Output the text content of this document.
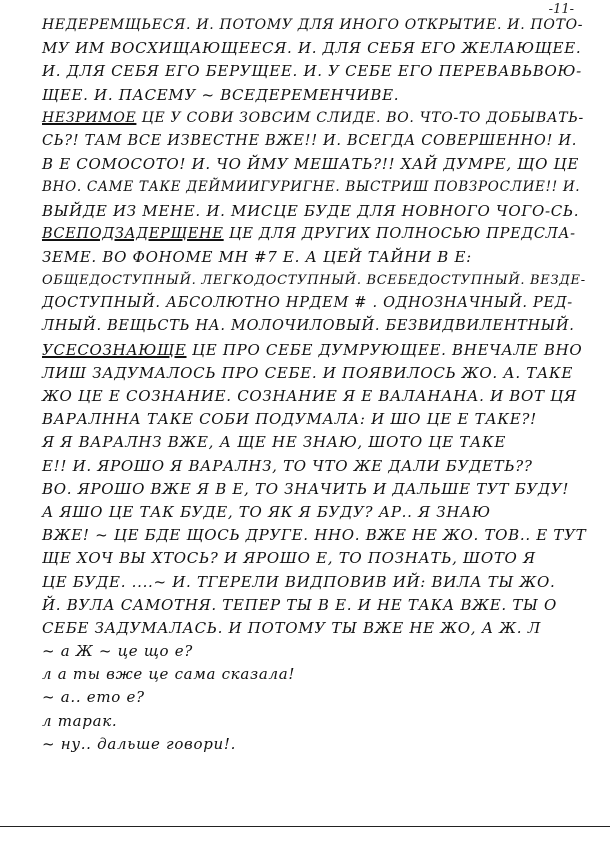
-11-
НЕДЕРЕМЩЬЕСЯ. И. ПОТОМУ ДЛЯ ИНОГО ОТКРЫТИЕ. И. ПОТО-
МУ ИМ ВОСХИЩАЮЩЕЕСЯ. И. ДЛЯ СЕБЯ ЕГО ЖЕЛАЮЩЕЕ.
И. ДЛЯ СЕБЯ ЕГО БЕРУЩЕЕ. И. У СЕБЕ ЕГО ПЕРЕВАВЬВОЮ-
ЩЕЕ. И. ПАСЕМУ ~ ВСЕДЕРЕМЕНЧИВЕ.
НЕЗРИМОЕ ЦЕ У СОВИ ЗОВСИМ СЛИДЕ. ВО. ЧТО-ТО ДОБЫВАТЬ-
СЬ?! ТАМ ВСЕ ИЗВЕСТНЕ ВЖЕ!! И. ВСЕГДА СОВЕРШЕННО! И.
В Е СОМОСОТО! И. ЧО ЙМУ МЕШАТЬ?!! ХАЙ ДУМРЕ, ЩО ЦЕ
ВНО. САМЕ ТАКЕ ДЕЙМИИГУРИГНЕ. ВЫСТРИШ ПОВЗРОСЛИЕ!! И.
ВЫЙДЕ ИЗ МЕНЕ. И. МИСЦЕ БУДЕ ДЛЯ НОВНОГО ЧОГО-СЬ.
ВСЕПОДЗАДЕРЩЕНЕ ЦЕ ДЛЯ ДРУГИХ ПОЛНОСЬЮ ПРЕДСЛА-
ЗЕМЕ. ВО ФОНОМЕ МН #7 Е. А ЦЕЙ ТАЙНИ В Е:
ОБЩЕДОСТУПНЫЙ. ЛЕГКОДОСТУПНЫЙ. ВСЕБЕДОСТУПНЫЙ. ВЕЗДЕ-
ДОСТУПНЫЙ. АБСОЛЮТНО НРДЕМ # . ОДНОЗНАЧНЫЙ. РЕД-
ЛНЫЙ. ВЕЩЬСТЬ НА. МОЛОЧИЛОВЫЙ. БЕЗВИДВИЛЕНТНЫЙ.
УСЕСОЗНАЮЩЕ ЦЕ ПРО СЕБЕ ДУМРУЮЩЕЕ. ВНЕЧАЛЕ ВНО
ЛИШ ЗАДУМАЛОСЬ ПРО СЕБЕ. И ПОЯВИЛОСЬ ЖО. А. ТАКЕ
ЖО ЦЕ Е СОЗНАНИЕ. СОЗНАНИЕ Я Е ВАЛАНАНА. И ВОТ ЦЯ
ВАРАЛННА ТАКЕ СОБИ ПОДУМАЛА: И ШО ЦЕ Е ТАКЕ?!
Я Я ВАРАЛНЗ ВЖЕ, А ЩЕ НЕ ЗНАЮ, ШОТО ЦЕ ТАКЕ
Е!! И. ЯРОШО Я ВАРАЛНЗ, ТО ЧТО ЖЕ ДАЛИ БУДЕТЬ??
ВО. ЯРОШО ВЖЕ Я В Е, ТО ЗНАЧИТЬ И ДАЛЬШЕ ТУТ БУДУ!
А ЯШО ЦЕ ТАК БУДЕ, ТО ЯК Я БУДУ? АР.. Я ЗНАЮ
ВЖЕ! ~ ЦЕ БДЕ ЩОСЬ ДРУГЕ. ННО. ВЖЕ НЕ ЖО. ТОВ.. Е ТУТ
ЩЕ ХОЧ ВЫ ХТОСЬ? И ЯРОШО Е, ТО ПОЗНАТЬ, ШОТО Я
ЦЕ БУДЕ. ....~ И. ТГЕРЕЛИ ВИДПОВИВ ИЙ: ВИЛА ТЫ ЖО.
Й. ВУЛА САМОТНЯ. ТЕПЕР ТЫ В Е. И НЕ ТАКА ВЖЕ. ТЫ О
СЕБЕ ЗАДУМАЛАСЬ. И ПОТОМУ ТЫ ВЖЕ НЕ ЖО, А Ж. Л
~ а Ж ~ це що е?
л а ты вже це сама сказала!
~ а.. ето е?
л тарак.
~ ну.. дальше говори!.
